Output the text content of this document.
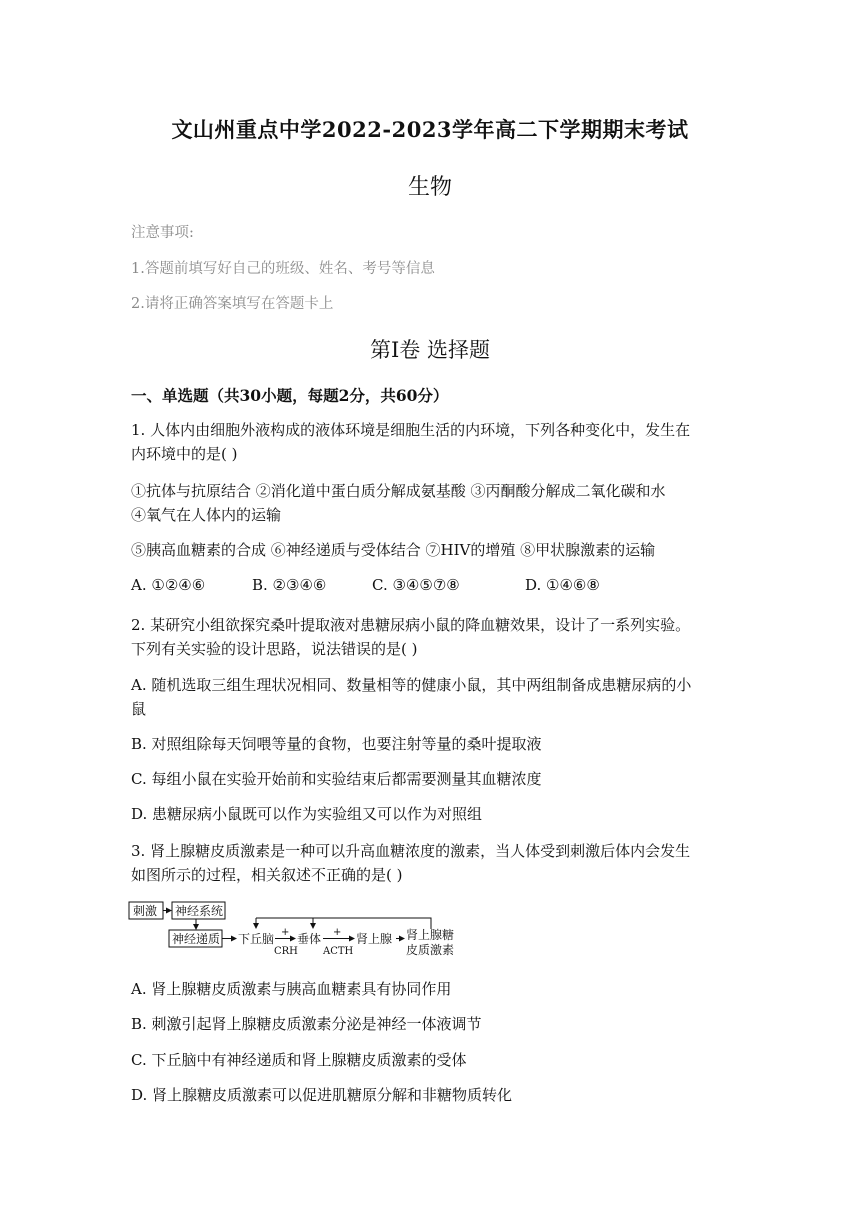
文山州重点中学2022-2023学年高二下学期期末考试
生物
注意事项:
1.答题前填写好自己的班级、姓名、考号等信息
2.请将正确答案填写在答题卡上
第Ⅰ卷 选择题
一、单选题（共30小题，每题2分，共60分）
1. 人体内由细胞外液构成的液体环境是细胞生活的内环境，下列各种变化中，发生在
内环境中的是( )
①抗体与抗原结合 ②消化道中蛋白质分解成氨基酸 ③丙酮酸分解成二氧化碳和水
④氧气在人体内的运输
⑤胰高血糖素的合成 ⑥神经递质与受体结合 ⑦HIV的增殖 ⑧甲状腺激素的运输
A. ①②④⑥	B. ②③④⑥	C. ③④⑤⑦⑧	D. ①④⑥⑧
2. 某研究小组欲探究桑叶提取液对患糖尿病小鼠的降血糖效果，设计了一系列实验。
下列有关实验的设计思路，说法错误的是( )
A. 随机选取三组生理状况相同、数量相等的健康小鼠，其中两组制备成患糖尿病的小
鼠
B. 对照组除每天饲喂等量的食物，也要注射等量的桑叶提取液
C. 每组小鼠在实验开始前和实验结束后都需要测量其血糖浓度
D. 患糖尿病小鼠既可以作为实验组又可以作为对照组
3. 肾上腺糖皮质激素是一种可以升高血糖浓度的激素，当人体受到刺激后体内会发生
如图所示的过程，相关叙述不正确的是( )
刺激 神经系统
神经递质 下丘脑 +
CRH
垂体 +
ACTH
肾上腺 肾上腺糖
皮质激素
A. 肾上腺糖皮质激素与胰高血糖素具有协同作用
B. 刺激引起肾上腺糖皮质激素分泌是神经一体液调节
C. 下丘脑中有神经递质和肾上腺糖皮质激素的受体
D. 肾上腺糖皮质激素可以促进肌糖原分解和非糖物质转化
